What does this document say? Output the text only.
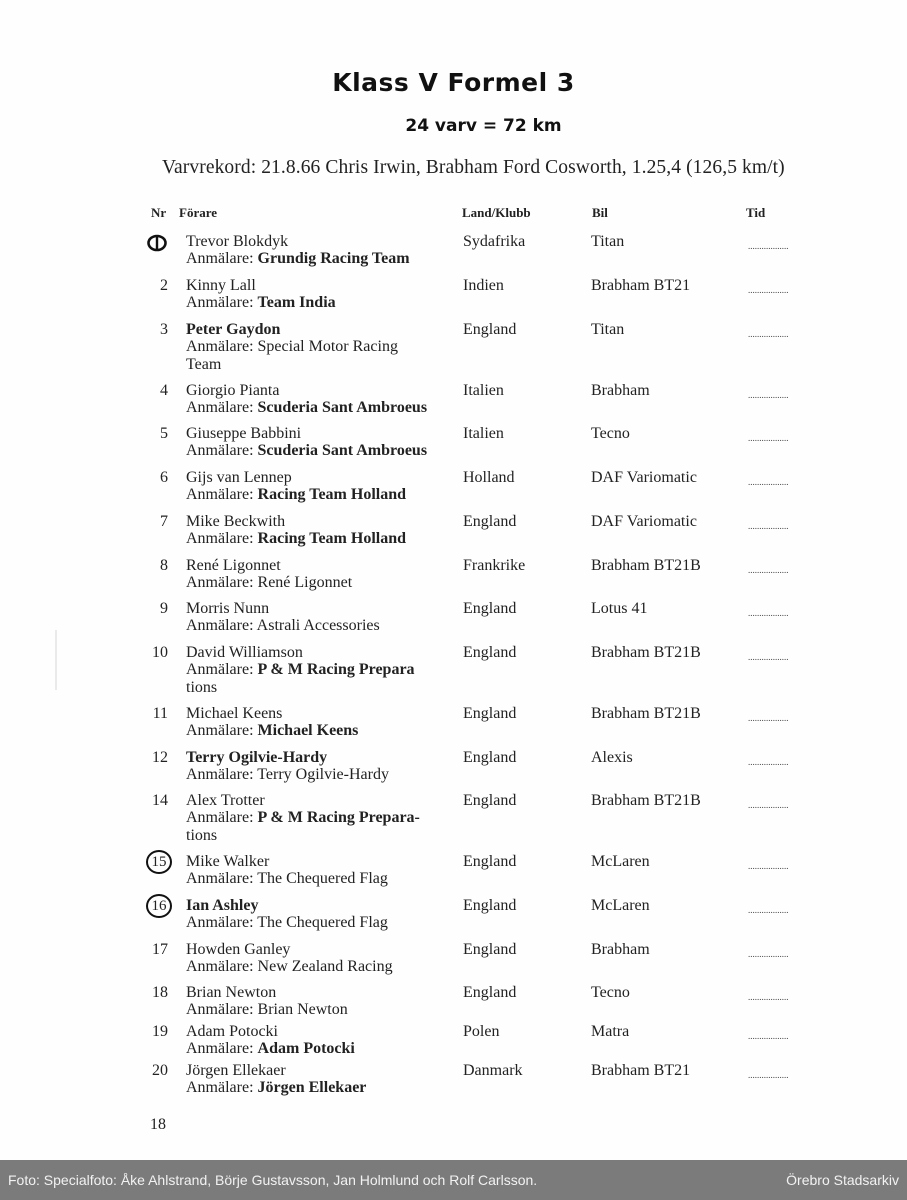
Klass V Formel 3
24 varv = 72 km
Varvrekord: 21.8.66 Chris Irwin, Brabham Ford Cosworth, 1.25,4 (126,5 km/t)
Nr Förare	Land/Klubb	Bil	Tid
Trevor Blokdyk
Anmälare: Grundig Racing Team
Sydafrika	Titan	..................
2 Kinny Lall
Anmälare: Team India
Indien	Brabham BT21	..................
3 Peter Gaydon
Anmälare: Special Motor Racing
Team
England	Titan	..................
4 Giorgio Pianta
Anmälare: Scuderia Sant Ambroeus
Italien	Brabham	..................
5 Giuseppe Babbini
Anmälare: Scuderia Sant Ambroeus
Italien	Tecno	..................
6 Gijs van Lennep
Anmälare: Racing Team Holland
Holland	DAF Variomatic	..................
7 Mike Beckwith
Anmälare: Racing Team Holland
England	DAF Variomatic	..................
8 René Ligonnet
Anmälare: René Ligonnet
Frankrike	Brabham BT21B	..................
9 Morris Nunn
Anmälare: Astrali Accessories
England	Lotus 41	..................
10 David Williamson
Anmälare: P & M Racing Prepara
tions
England	Brabham BT21B	..................
11 Michael Keens
Anmälare: Michael Keens
England	Brabham BT21B	..................
12 Terry Ogilvie-Hardy
Anmälare: Terry Ogilvie-Hardy
England	Alexis	..................
14 Alex Trotter
Anmälare: P & M Racing Prepara-
tions
England	Brabham BT21B	..................
15 Mike Walker
Anmälare: The Chequered Flag
England	McLaren	..................
16 Ian Ashley
Anmälare: The Chequered Flag
England	McLaren	..................
17 Howden Ganley
Anmälare: New Zealand Racing
England	Brabham	..................
18 Brian Newton
Anmälare: Brian Newton
England	Tecno	..................
19 Adam Potocki
Anmälare: Adam Potocki
Polen	Matra	..................
20 Jörgen Ellekaer
Anmälare: Jörgen Ellekaer
Danmark	Brabham BT21	..................
18
Foto: Specialfoto: Åke Ahlstrand, Börje Gustavsson, Jan Holmlund och Rolf Carlsson.	Örebro Stadsarkiv
